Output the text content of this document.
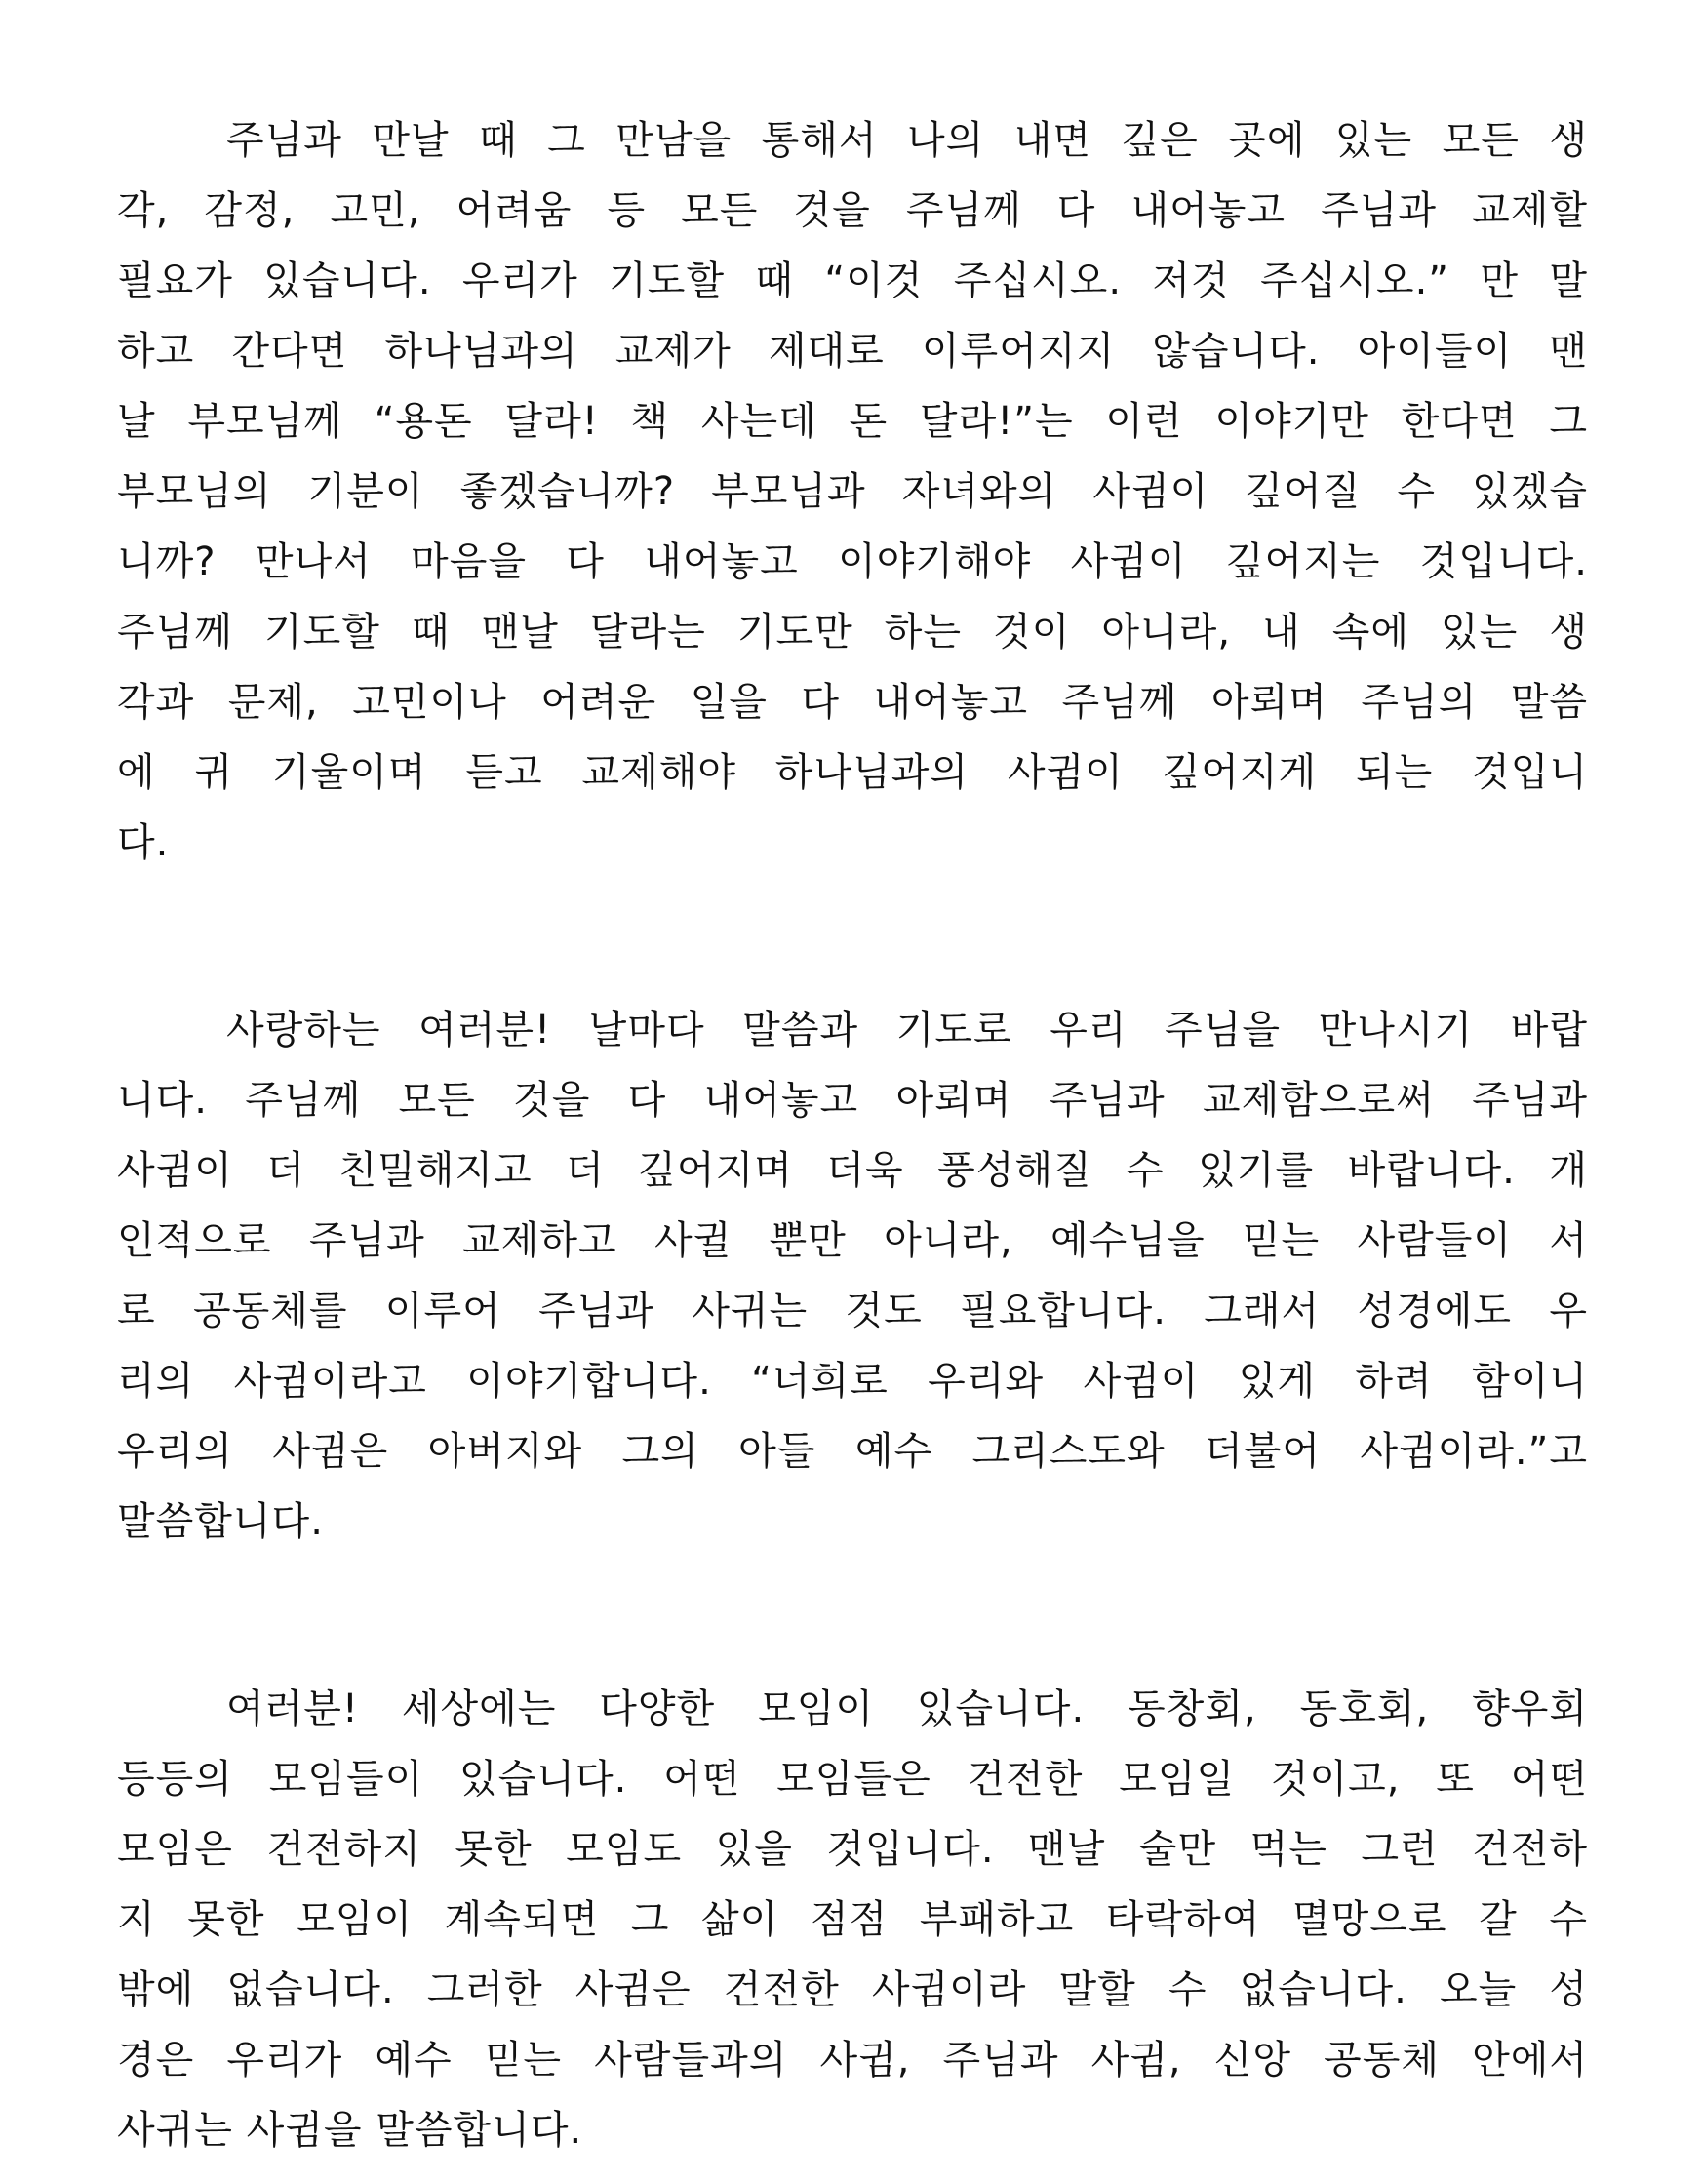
주님과 만날 때 그 만남을 통해서 나의 내면 깊은 곳에 있는 모든 생
각, 감정, 고민, 어려움 등 모든 것을 주님께 다 내어놓고 주님과 교제할
필요가 있습니다. 우리가 기도할 때 “이것 주십시오. 저것 주십시오.” 만 말
하고 간다면 하나님과의 교제가 제대로 이루어지지 않습니다. 아이들이 맨
날 부모님께 “용돈 달라! 책 사는데 돈 달라!”는 이런 이야기만 한다면 그
부모님의 기분이 좋겠습니까? 부모님과 자녀와의 사귐이 깊어질 수 있겠습
니까? 만나서 마음을 다 내어놓고 이야기해야 사귐이 깊어지는 것입니다.
주님께 기도할 때 맨날 달라는 기도만 하는 것이 아니라, 내 속에 있는 생
각과 문제, 고민이나 어려운 일을 다 내어놓고 주님께 아뢰며 주님의 말씀
에 귀 기울이며 듣고 교제해야 하나님과의 사귐이 깊어지게 되는 것입니
다.
사랑하는 여러분! 날마다 말씀과 기도로 우리 주님을 만나시기 바랍
니다. 주님께 모든 것을 다 내어놓고 아뢰며 주님과 교제함으로써 주님과
사귐이 더 친밀해지고 더 깊어지며 더욱 풍성해질 수 있기를 바랍니다. 개
인적으로 주님과 교제하고 사귈 뿐만 아니라, 예수님을 믿는 사람들이 서
로 공동체를 이루어 주님과 사귀는 것도 필요합니다. 그래서 성경에도 우
리의 사귐이라고 이야기합니다. “너희로 우리와 사귐이 있게 하려 함이니
우리의 사귐은 아버지와 그의 아들 예수 그리스도와 더불어 사귐이라.”고
말씀합니다.
여러분! 세상에는 다양한 모임이 있습니다. 동창회, 동호회, 향우회
등등의 모임들이 있습니다. 어떤 모임들은 건전한 모임일 것이고, 또 어떤
모임은 건전하지 못한 모임도 있을 것입니다. 맨날 술만 먹는 그런 건전하
지 못한 모임이 계속되면 그 삶이 점점 부패하고 타락하여 멸망으로 갈 수
밖에 없습니다. 그러한 사귐은 건전한 사귐이라 말할 수 없습니다. 오늘 성
경은 우리가 예수 믿는 사람들과의 사귐, 주님과 사귐, 신앙 공동체 안에서
사귀는 사귐을 말씀합니다.
